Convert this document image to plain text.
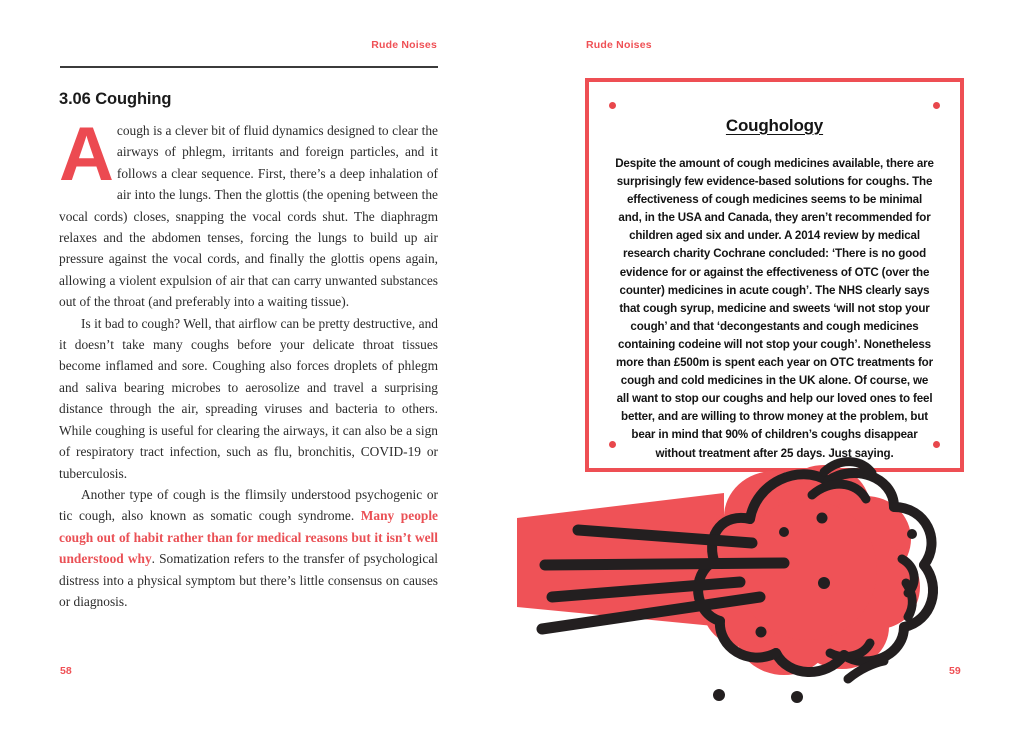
Rude Noises
3.06 Coughing

Acough is a clever bit of fluid dynamics designed to clear the airways of phlegm, irritants and foreign particles, and it follows a clear sequence. First, there’s a deep inhalation of air into the lungs. Then the glottis (the opening between the vocal cords) closes, snapping the vocal cords shut. The diaphragm relaxes and the abdomen tenses, forcing the lungs to build up air pressure against the vocal cords, and finally the glottis opens again, allowing a violent expulsion of air that can carry unwanted substances out of the throat (and preferably into a waiting tissue).

Is it bad to cough? Well, that airflow can be pretty destructive, and it doesn’t take many coughs before your delicate throat tissues become inflamed and sore. Coughing also forces droplets of phlegm and saliva bearing microbes to aerosolize and travel a surprising distance through the air, spreading viruses and bacteria to others. While coughing is useful for clearing the airways, it can also be a sign of respiratory tract infection, such as flu, bronchitis, COVID-19 or tuberculosis.

Another type of cough is the flimsily understood psychogenic or tic cough, also known as somatic cough syndrome. Many people cough out of habit rather than for medical reasons but it isn’t well understood why. Somatization refers to the transfer of psychological distress into a physical symptom but there’s little consensus on causes or diagnosis.

58
Rude Noises
Coughology
Despite the amount of cough medicines available, there are surprisingly few evidence-based solutions for coughs. The effectiveness of cough medicines seems to be minimal and, in the USA and Canada, they aren’t recommended for children aged six and under. A 2014 review by medical research charity Cochrane concluded: ‘There is no good evidence for or against the effectiveness of OTC (over the counter) medicines in acute cough’. The NHS clearly says that cough syrup, medicine and sweets ‘will not stop your cough’ and that ‘decongestants and cough medicines containing codeine will not stop your cough’. Nonetheless more than £500m is spent each year on OTC treatments for cough and cold medicines in the UK alone. Of course, we all want to stop our coughs and help our loved ones to feel better, and are willing to throw money at the problem, but bear in mind that 90% of children’s coughs disappear without treatment after 25 days. Just saying.
59
